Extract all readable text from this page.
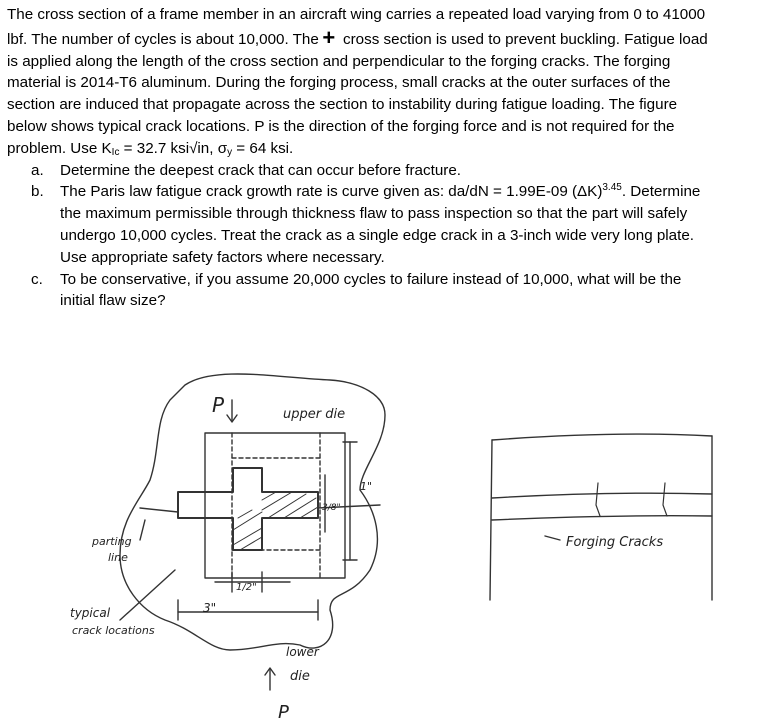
The cross section of a frame member in an aircraft wing carries a repeated load varying from 0 to 41000
lbf. The number of cycles is about 10,000. The + cross section is used to prevent buckling. Fatigue load
is applied along the length of the cross section and perpendicular to the forging cracks. The forging
material is 2014-T6 aluminum. During the forging process, small cracks at the outer surfaces of the
section are induced that propagate across the section to instability during fatigue loading. The figure
below shows typical crack locations. P is the direction of the forging force and is not required for the
problem. Use $K_{Ic} = 32.7$ ksi√in, $\sigma_y = 64$ ksi.
a. Determine the deepest crack that can occur before fracture.
b. The Paris law fatigue crack growth rate is curve given as: da/dN = 1.99E-09 $(\Delta K)^{3.45}$. Determine
the maximum permissible through thickness flaw to pass inspection so that the part will safely
undergo 10,000 cycles. Treat the crack as a single edge crack in a 3-inch wide very long plate.
Use appropriate safety factors where necessary.
c. To be conservative, if you assume 20,000 cycles to failure instead of 10,000, what will be the
initial flaw size?
P	upper die
parting
line
typical
crack locations
lower
die
P
3"
1/2"
3/8"
1"
Forging Cracks
